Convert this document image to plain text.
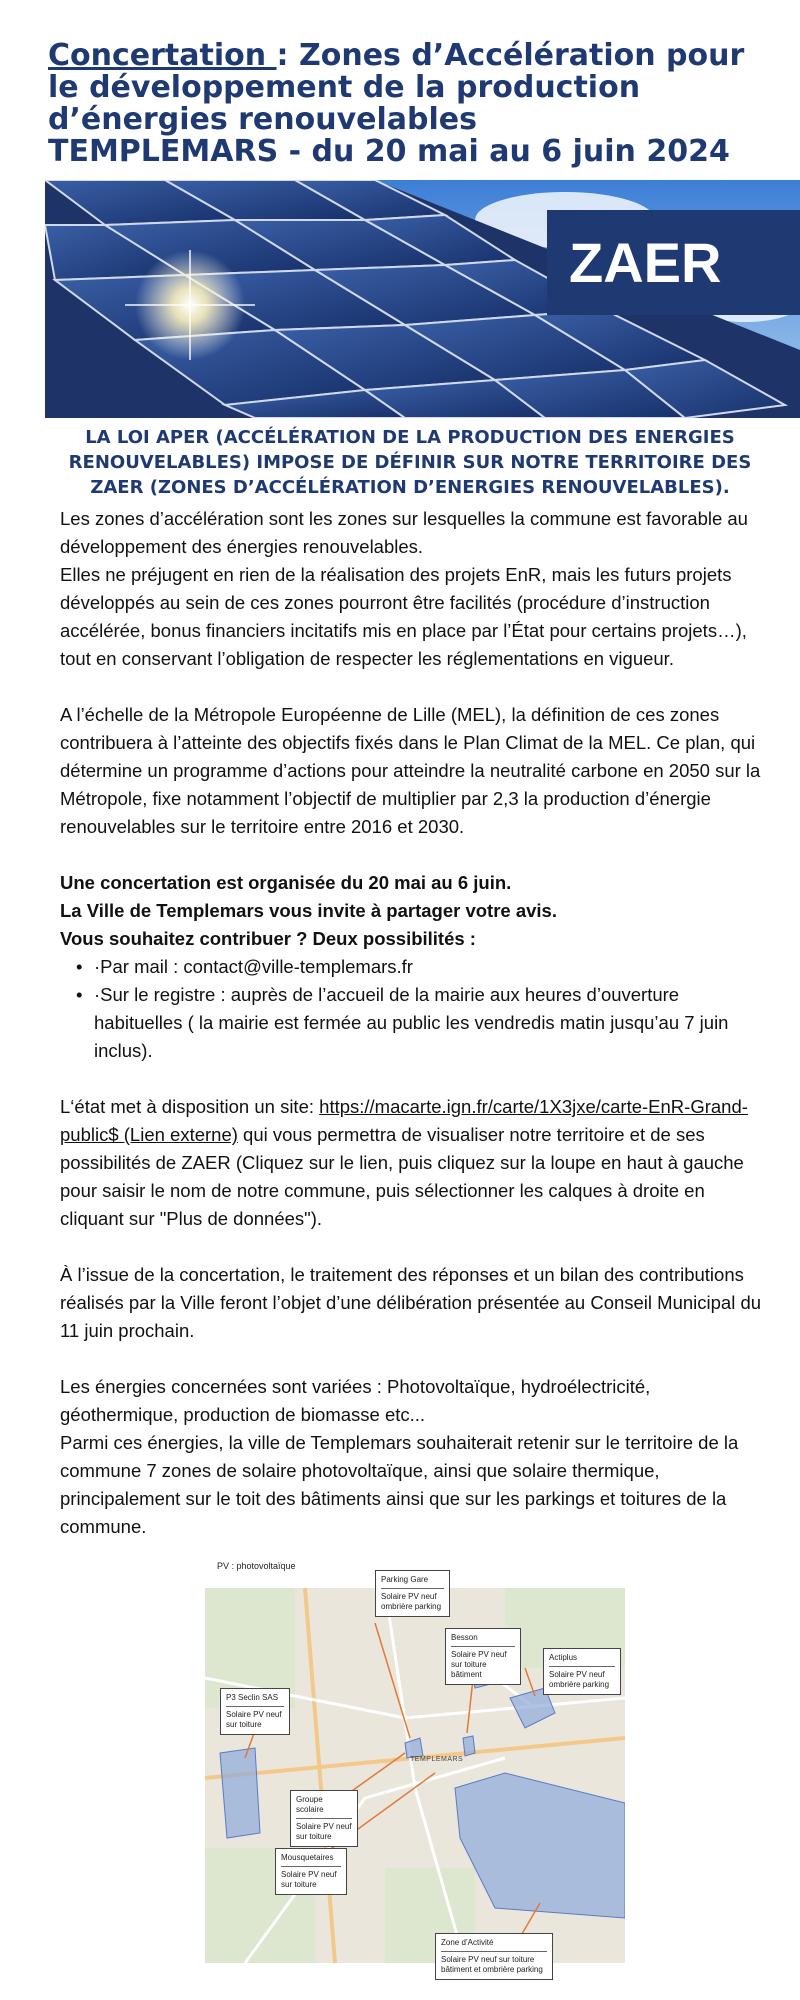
Concertation : Zones d’Accélération pour le développement de la production d’énergies renouvelables
TEMPLEMARS - du 20 mai au 6 juin 2024
ZAER
LA LOI APER (ACCÉLÉRATION DE LA PRODUCTION DES ENERGIES RENOUVELABLES) IMPOSE DE DÉFINIR SUR NOTRE TERRITOIRE DES ZAER (ZONES D’ACCÉLÉRATION D’ENERGIES RENOUVELABLES).

Les zones d’accélération sont les zones sur lesquelles la commune est favorable au développement des énergies renouvelables.

Elles ne préjugent en rien de la réalisation des projets EnR, mais les futurs projets développés au sein de ces zones pourront être facilités (procédure d’instruction accélérée, bonus financiers incitatifs mis en place par l’État pour certains projets…), tout en conservant l’obligation de respecter les réglementations en vigueur.

A l’échelle de la Métropole Européenne de Lille (MEL), la définition de ces zones contribuera à l’atteinte des objectifs fixés dans le Plan Climat de la MEL. Ce plan, qui détermine un programme d’actions pour atteindre la neutralité carbone en 2050 sur la Métropole, fixe notamment l’objectif de multiplier par 2,3 la production d’énergie renouvelables sur le territoire entre 2016 et 2030.

Une concertation est organisée du 20 mai au 6 juin.

La Ville de Templemars vous invite à partager votre avis.

Vous souhaitez contribuer ? Deux possibilités :

• ·Par mail : contact@ville-templemars.fr
• ·Sur le registre : auprès de l’accueil de la mairie aux heures d’ouverture habituelles ( la mairie est fermée au public les vendredis matin jusqu’au 7 juin inclus).

L‘état met à disposition un site: https://macarte.ign.fr/carte/1X3jxe/carte-EnR-Grand-public$ (Lien externe) qui vous permettra de visualiser notre territoire et de ses possibilités de ZAER (Cliquez sur le lien, puis cliquez sur la loupe en haut à gauche pour saisir le nom de notre commune, puis sélectionner les calques à droite en cliquant sur "Plus de données").

À l’issue de la concertation, le traitement des réponses et un bilan des contributions réalisés par la Ville feront l’objet d’une délibération présentée au Conseil Municipal du 11 juin prochain.

Les énergies concernées sont variées : Photovoltaïque, hydroélectricité, géothermique, production de biomasse etc...

Parmi ces énergies, la ville de Templemars souhaiterait retenir sur le territoire de la commune 7 zones de solaire photovoltaïque, ainsi que solaire thermique, principalement sur le toit des bâtiments ainsi que sur les parkings et toitures de la commune.

PV : photovoltaïque
TEMPLEMARS
Parking Gare
Solaire PV neuf ombrière parking
Besson
Solaire PV neuf sur toiture bâtiment
Actiplus
Solaire PV neuf ombrière parking
P3 Seclin SAS
Solaire PV neuf sur toiture
Groupe scolaire
Solaire PV neuf sur toiture
Mousquetaires
Solaire PV neuf sur toiture
Zone d’Activité
Solaire PV neuf sur toiture bâtiment et ombrière parking
